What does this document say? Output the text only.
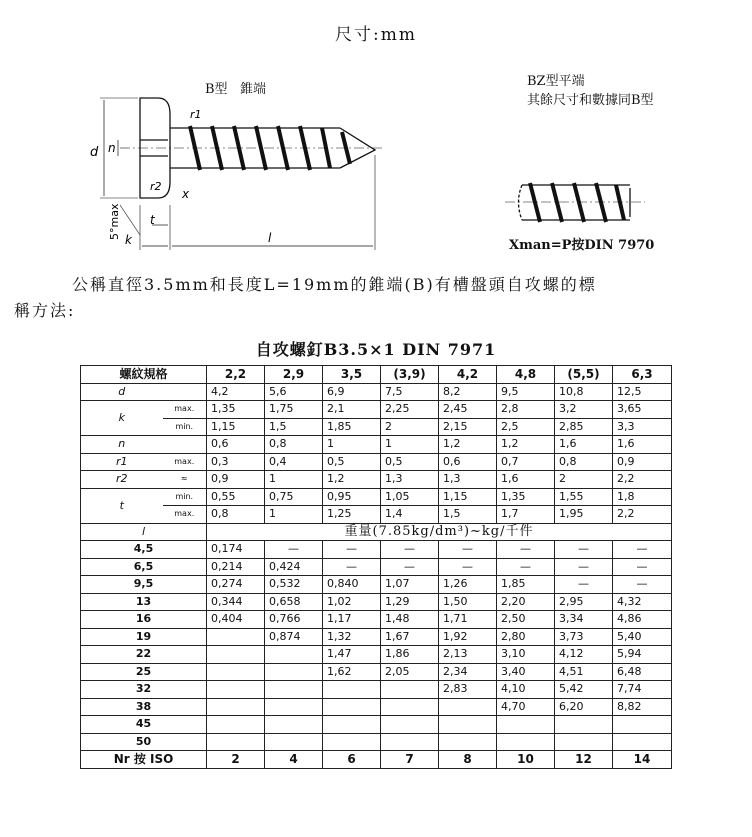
尺寸:mm
d n
r1
r2
x
t
k	l
5°max
B型   錐端
BZ型平端
其餘尺寸和數據同B型
Xman=P按DIN 7970
公稱直徑3.5mm和長度L=19mm的錐端(B)有槽盤頭自攻螺的標
稱方法:
自攻螺釘B3.5×1 DIN 7971
螺紋規格		2,2	2,9	3,5	(3,9)	4,2	4,8	(5,5)	6,3
d		4,2	5,6	6,9	7,5	8,2	9,5	10,8	12,5
k	max.	1,35	1,75	2,1	2,25	2,45	2,8	3,2	3,65
	min.	1,15	1,5	1,85	2	2,15	2,5	2,85	3,3
n		0,6	0,8	1	1	1,2	1,2	1,6	1,6
r1	max.	0,3	0,4	0,5	0,5	0,6	0,7	0,8	0,9
r2	≈	0,9	1	1,2	1,3	1,3	1,6	2	2,2
t	min.	0,55	0,75	0,95	1,05	1,15	1,35	1,55	1,8
	max.	0,8	1	1,25	1,4	1,5	1,7	1,95	2,2
l		重量(7.85kg/dm³)~kg/千件							
4,5		0,174	—	—	—	—	—	—	—
6,5		0,214	0,424	—	—	—	—	—	—
9,5		0,274	0,532	0,840	1,07	1,26	1,85	—	—
13		0,344	0,658	1,02	1,29	1,50	2,20	2,95	4,32
16		0,404	0,766	1,17	1,48	1,71	2,50	3,34	4,86
19			0,874	1,32	1,67	1,92	2,80	3,73	5,40
22				1,47	1,86	2,13	3,10	4,12	5,94
25				1,62	2,05	2,34	3,40	4,51	6,48
32						2,83	4,10	5,42	7,74
38							4,70	6,20	8,82
45									
50									
Nr 按 ISO		2	4	6	7	8	10	12	14
